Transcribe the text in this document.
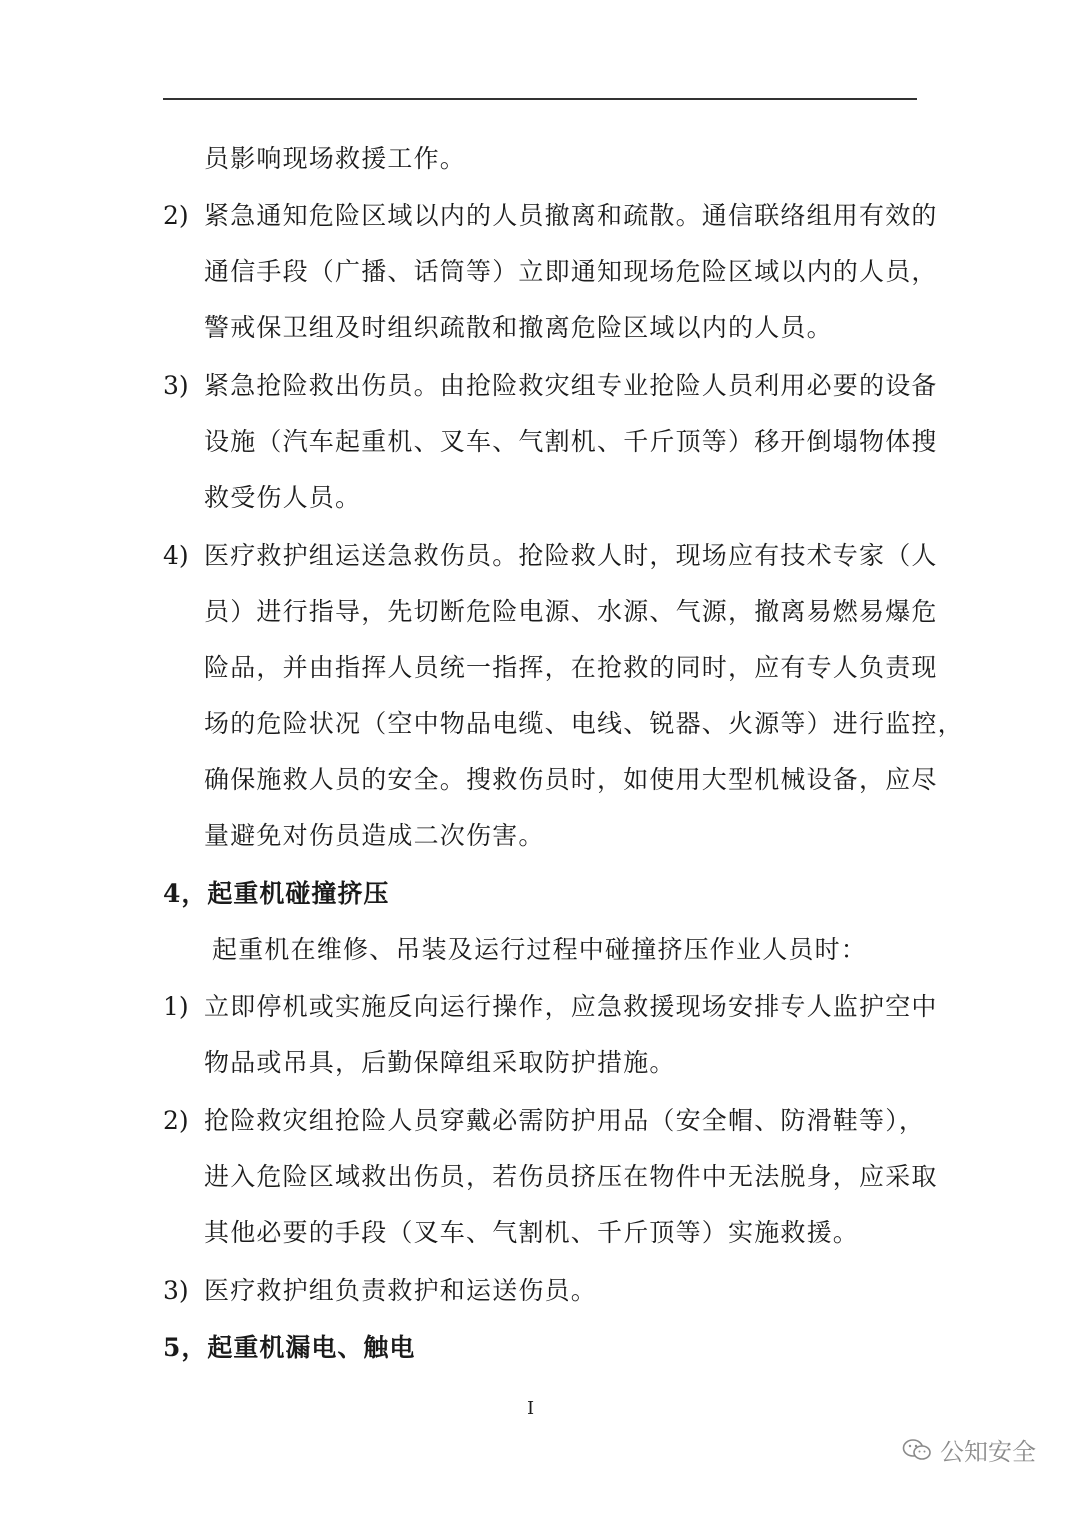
员影响现场救援工作。
2) 紧急通知危险区域以内的人员撤离和疏散。通信联络组用有效的
通信手段（广播、话筒等）立即通知现场危险区域以内的人员，
警戒保卫组及时组织疏散和撤离危险区域以内的人员。
3) 紧急抢险救出伤员。由抢险救灾组专业抢险人员利用必要的设备
设施（汽车起重机、叉车、气割机、千斤顶等）移开倒塌物体搜
救受伤人员。
4) 医疗救护组运送急救伤员。抢险救人时，现场应有技术专家（人
员）进行指导，先切断危险电源、水源、气源，撤离易燃易爆危
险品，并由指挥人员统一指挥，在抢救的同时，应有专人负责现
场的危险状况（空中物品电缆、电线、锐器、火源等）进行监控，
确保施救人员的安全。搜救伤员时，如使用大型机械设备，应尽
量避免对伤员造成二次伤害。
4，起重机碰撞挤压
起重机在维修、吊装及运行过程中碰撞挤压作业人员时：
1) 立即停机或实施反向运行操作，应急救援现场安排专人监护空中
物品或吊具，后勤保障组采取防护措施。
2) 抢险救灾组抢险人员穿戴必需防护用品（安全帽、防滑鞋等），
进入危险区域救出伤员，若伤员挤压在物件中无法脱身，应采取
其他必要的手段（叉车、气割机、千斤顶等）实施救援。
3) 医疗救护组负责救护和运送伤员。
5，起重机漏电、触电
I
公知安全
